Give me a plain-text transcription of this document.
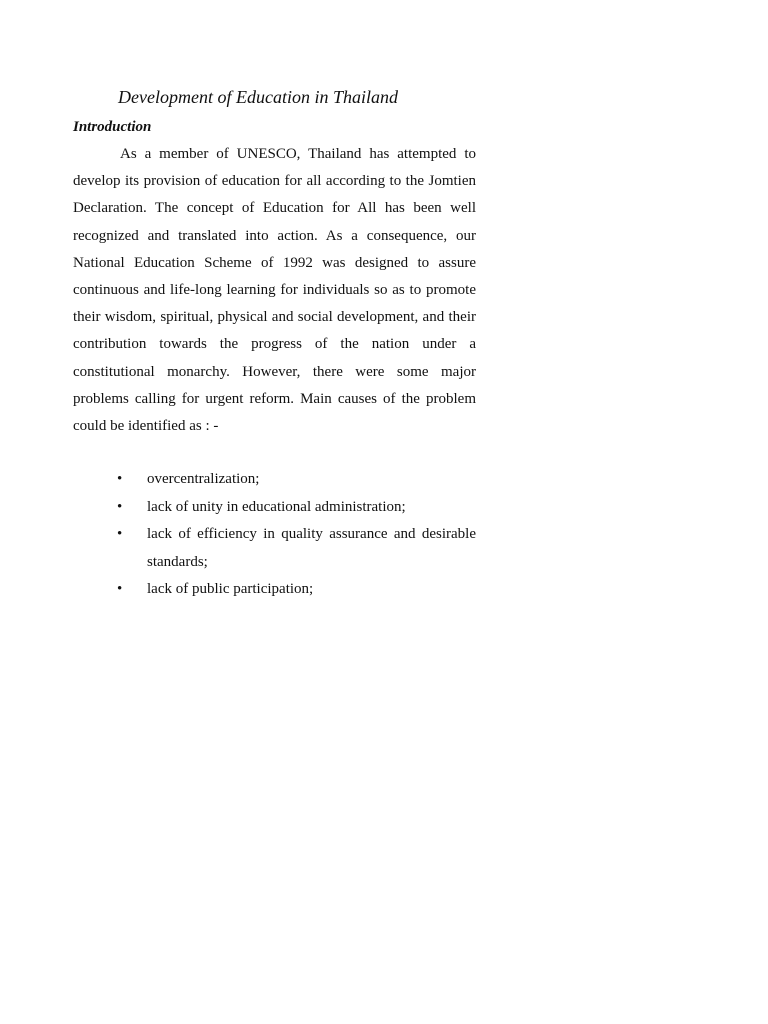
Development of Education in Thailand
Introduction

As a member of UNESCO, Thailand has attempted to develop its provision of education for all according to the Jomtien Declaration. The concept of Education for All has been well recognized and translated into action. As a consequence, our National Education Scheme of 1992 was designed to assure continuous and life-long learning for individuals so as to promote their wisdom, spiritual, physical and social development, and their contribution towards the progress of the nation under a constitutional monarchy. However, there were some major problems calling for urgent reform. Main causes of the problem could be identified as : -

• overcentralization;
• lack of unity in educational administration;
• lack of efficiency in quality assurance and desirable standards;
• lack of public participation;
